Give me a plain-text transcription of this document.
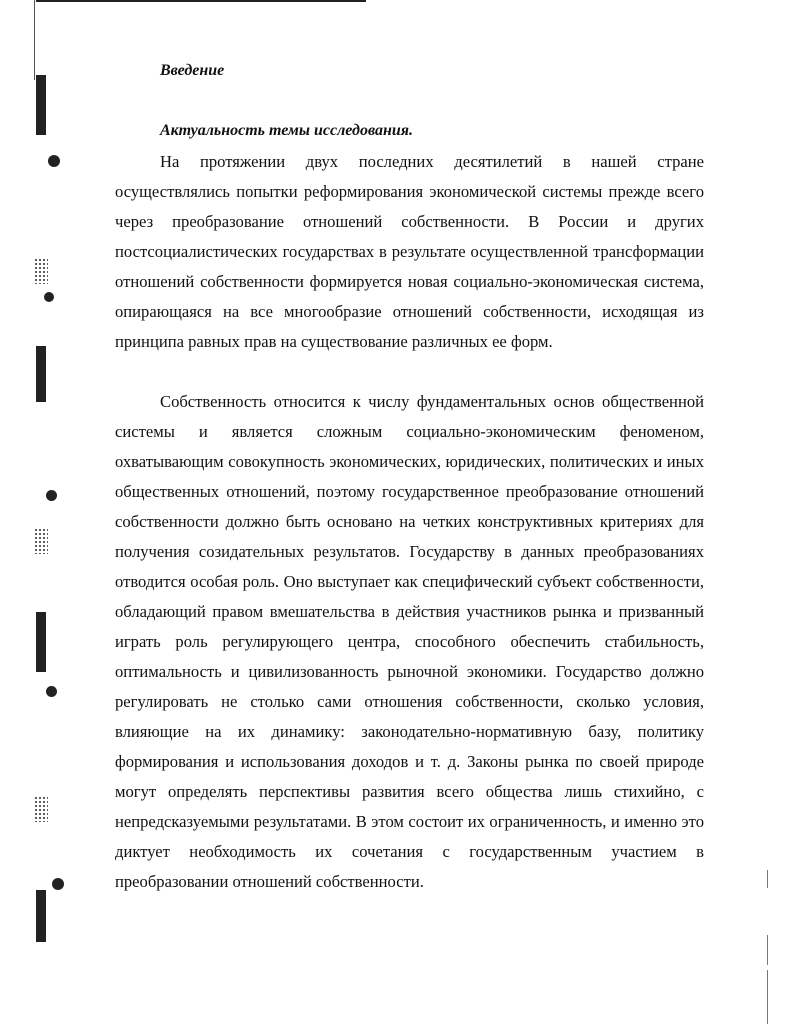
Введение
Актуальность темы исследования.

На протяжении двух последних десятилетий в нашей стране осуществлялись попытки реформирования экономической системы прежде всего через преобразование отношений собственности. В России и других постсоциалистических государствах в результате осуществленной трансформации отношений собственности формируется новая социально-экономическая система, опирающаяся на все многообразие отношений собственности, исходящая из принципа равных прав на существование различных ее форм.

Собственность относится к числу фундаментальных основ общественной системы и является сложным социально-экономическим феноменом, охватывающим совокупность экономических, юридических, политических и иных общественных отношений, поэтому государственное преобразование отношений собственности должно быть основано на четких конструктивных критериях для получения созидательных результатов. Государству в данных преобразованиях отводится особая роль. Оно выступает как специфический субъект собственности, обладающий правом вмешательства в действия участников рынка и призванный играть роль регулирующего центра, способного обеспечить стабильность, оптимальность и цивилизованность рыночной экономики. Государство должно регулировать не столько сами отношения собственности, сколько условия, влияющие на их динамику: законодательно-нормативную базу, политику формирования и использования доходов и т. д. Законы рынка по своей природе могут определять перспективы развития всего общества лишь стихийно, с непредсказуемыми результатами. В этом состоит их ограниченность, и именно это диктует необходимость их сочетания с государственным участием в преобразовании отношений собственности.
